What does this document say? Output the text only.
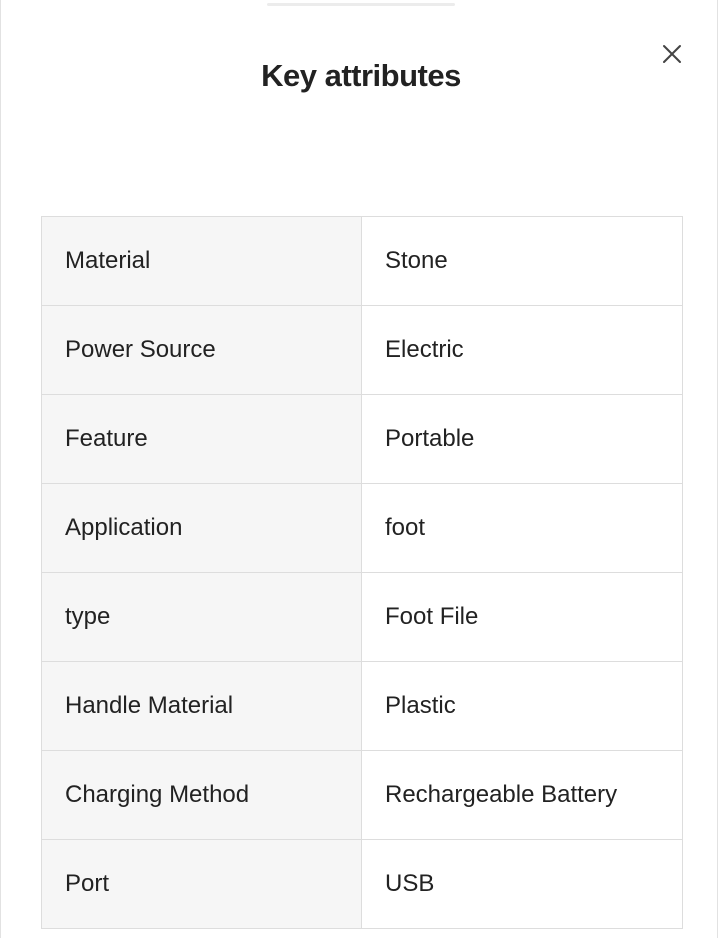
Key attributes
Material	Stone
Power Source	Electric
Feature	Portable
Application	foot
type	Foot File
Handle Material	Plastic
Charging Method	Rechargeable Battery
Port	USB
